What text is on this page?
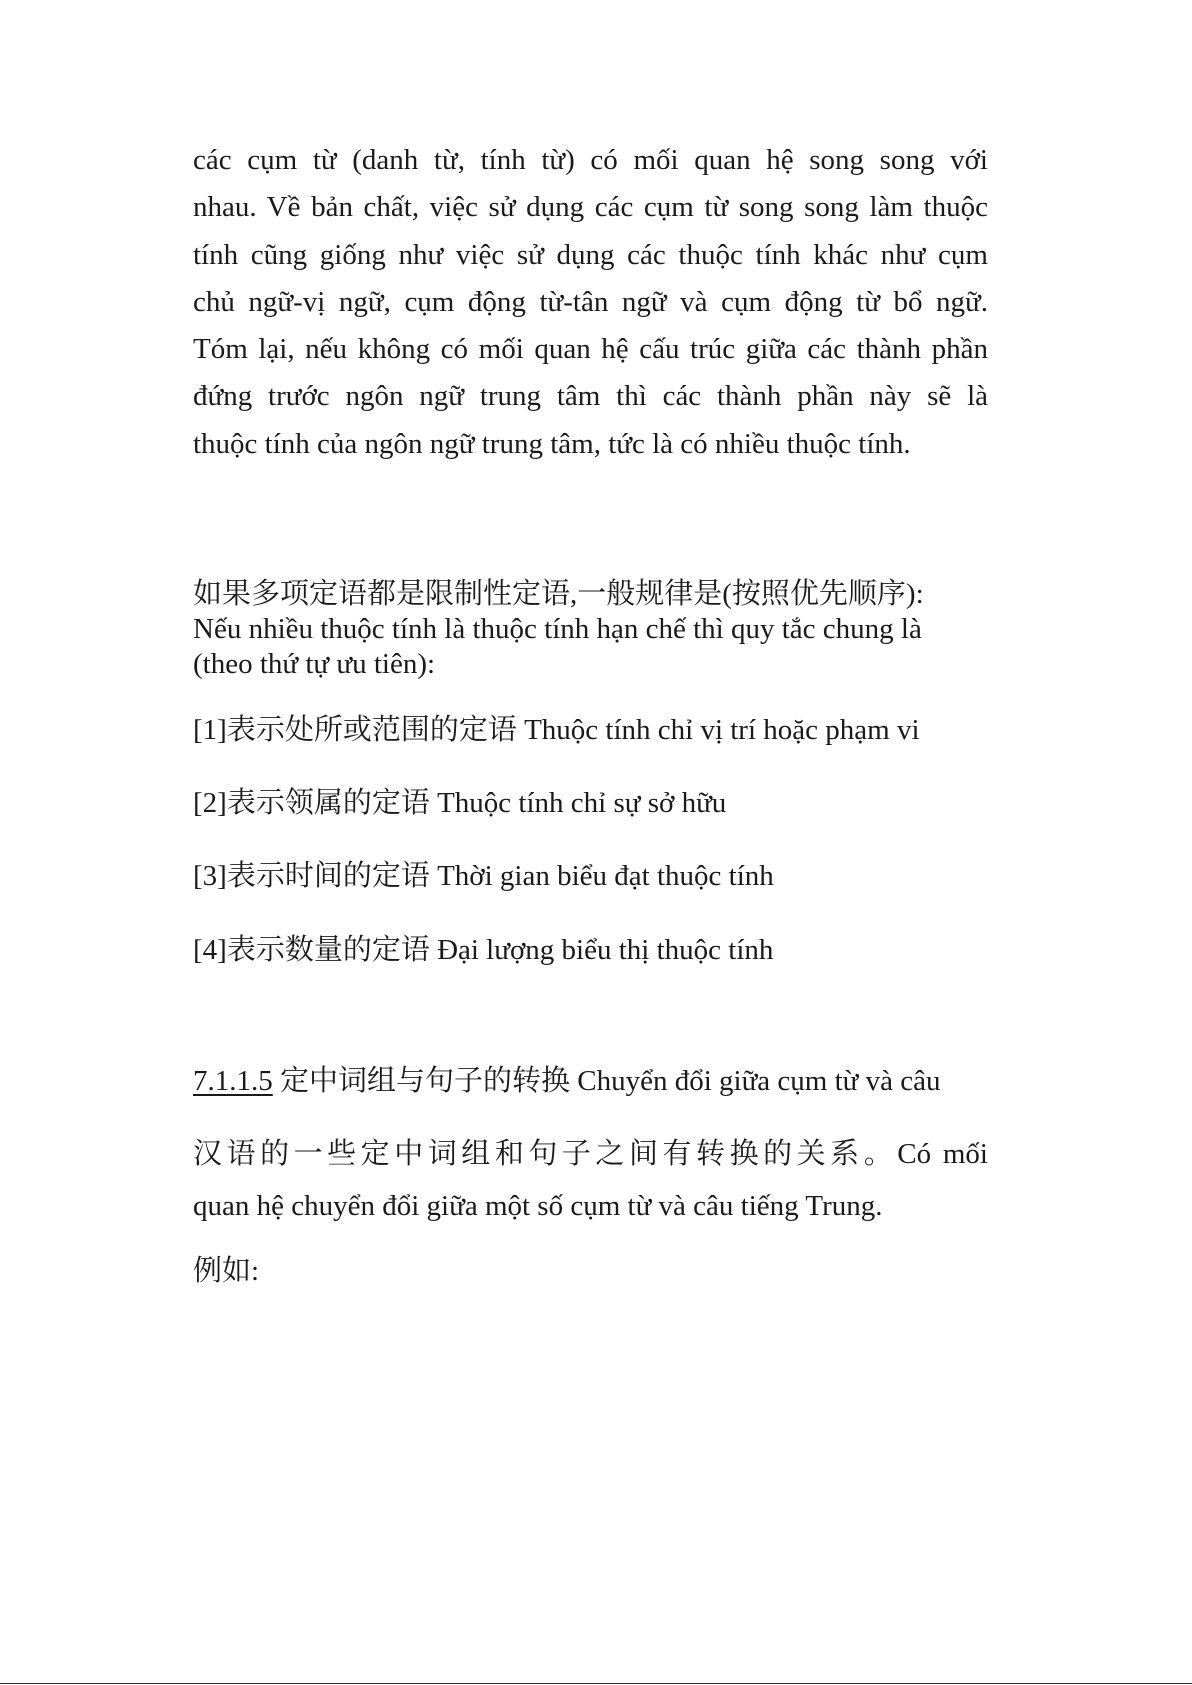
các cụm từ (danh từ, tính từ) có mối quan hệ song song với

nhau. Về bản chất, việc sử dụng các cụm từ song song làm thuộc

tính cũng giống như việc sử dụng các thuộc tính khác như cụm

chủ ngữ-vị ngữ, cụm động từ-tân ngữ và cụm động từ bổ ngữ.

Tóm lại, nếu không có mối quan hệ cấu trúc giữa các thành phần

đứng trước ngôn ngữ trung tâm thì các thành phần này sẽ là

thuộc tính của ngôn ngữ trung tâm, tức là có nhiều thuộc tính.

如果多项定语都是限制性定语,一般规律是(按照优先顺序):

Nếu nhiều thuộc tính là thuộc tính hạn chế thì quy tắc chung là

(theo thứ tự ưu tiên):

[1]表示处所或范围的定语 Thuộc tính chỉ vị trí hoặc phạm vi
[2]表示领属的定语 Thuộc tính chỉ sự sở hữu
[3]表示时间的定语 Thời gian biểu đạt thuộc tính
[4]表示数量的定语 Đại lượng biểu thị thuộc tính
7.1.1.5 定中词组与句子的转换 Chuyển đổi giữa cụm từ và câu

汉语的一些定中词组和句子之间有转换的关系。Có mối

quan hệ chuyển đổi giữa một số cụm từ và câu tiếng Trung.

例如:
